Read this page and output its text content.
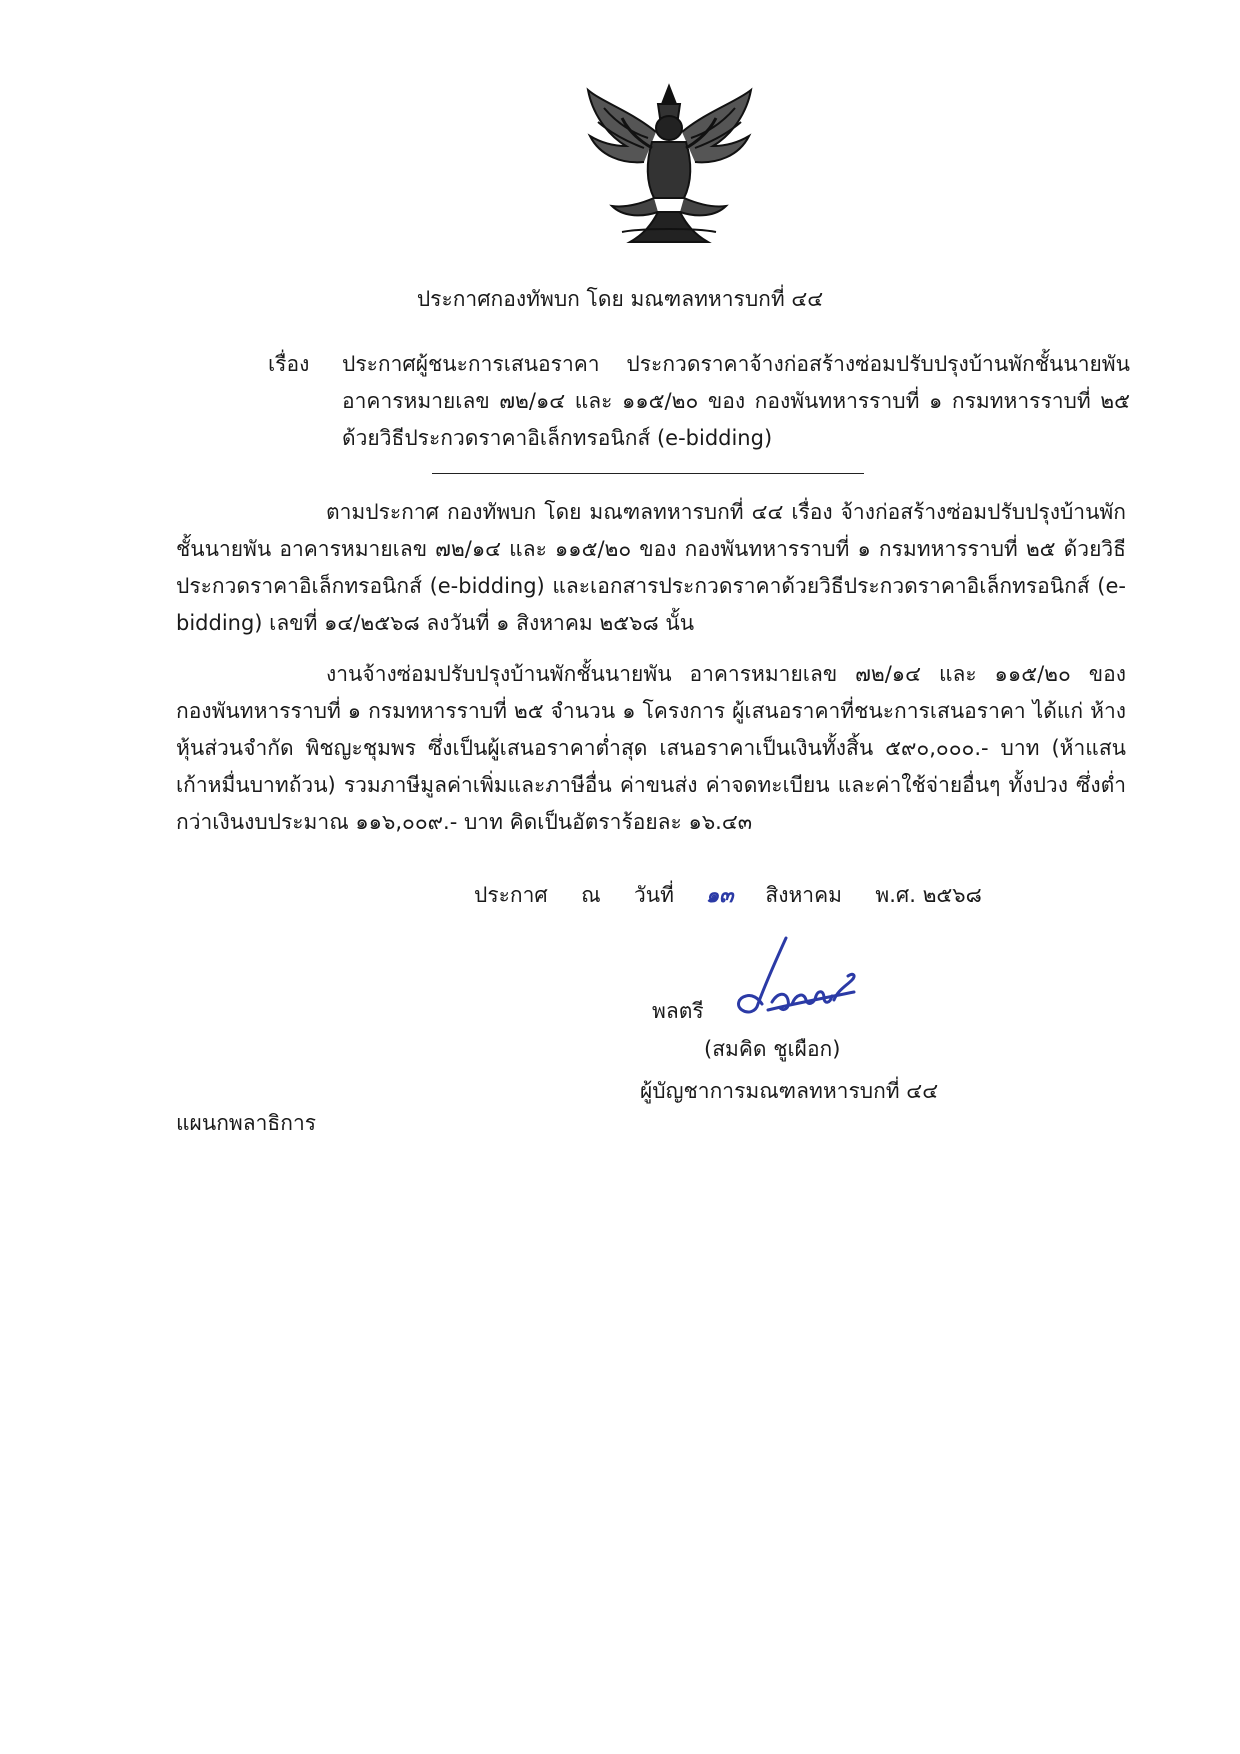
ประกาศกองทัพบก โดย มณฑลทหารบกที่ ๔๔
เรื่อง ประกาศผู้ชนะการเสนอราคา ประกวดราคาจ้างก่อสร้างซ่อมปรับปรุงบ้านพักชั้นนายพัน อาคารหมายเลข ๗๒/๑๔ และ ๑๑๕/๒๐ ของ กองพันทหารราบที่ ๑ กรมทหารราบที่ ๒๕ ด้วยวิธีประกวดราคาอิเล็กทรอนิกส์ (e-bidding)

ตามประกาศ กองทัพบก โดย มณฑลทหารบกที่ ๔๔ เรื่อง จ้างก่อสร้างซ่อมปรับปรุงบ้านพักชั้นนายพัน อาคารหมายเลข ๗๒/๑๔ และ ๑๑๕/๒๐ ของ กองพันทหารราบที่ ๑ กรมทหารราบที่ ๒๕ ด้วยวิธีประกวดราคาอิเล็กทรอนิกส์ (e-bidding) และเอกสารประกวดราคาด้วยวิธีประกวดราคาอิเล็กทรอนิกส์ (e-bidding) เลขที่ ๑๔/๒๕๖๘ ลงวันที่ ๑ สิงหาคม ๒๕๖๘ นั้น

งานจ้างซ่อมปรับปรุงบ้านพักชั้นนายพัน อาคารหมายเลข ๗๒/๑๔ และ ๑๑๕/๒๐ ของ กองพันทหารราบที่ ๑ กรมทหารราบที่ ๒๕ จำนวน ๑ โครงการ ผู้เสนอราคาที่ชนะการเสนอราคา ได้แก่ ห้างหุ้นส่วนจำกัด พิชญะชุมพร ซึ่งเป็นผู้เสนอราคาต่ำสุด เสนอราคาเป็นเงินทั้งสิ้น ๕๙๐,๐๐๐.- บาท (ห้าแสนเก้าหมื่นบาทถ้วน) รวมภาษีมูลค่าเพิ่มและภาษีอื่น ค่าขนส่ง ค่าจดทะเบียน และค่าใช้จ่ายอื่นๆ ทั้งปวง ซึ่งต่ำกว่าเงินงบประมาณ ๑๑๖,๐๐๙.- บาท คิดเป็นอัตราร้อยละ ๑๖.๔๓

ประกาศ ณ วันที่ ๑๓ สิงหาคม พ.ศ. ๒๕๖๘
พลตรี
(สมคิด ชูเผือก)
ผู้บัญชาการมณฑลทหารบกที่ ๔๔
แผนกพลาธิการ
